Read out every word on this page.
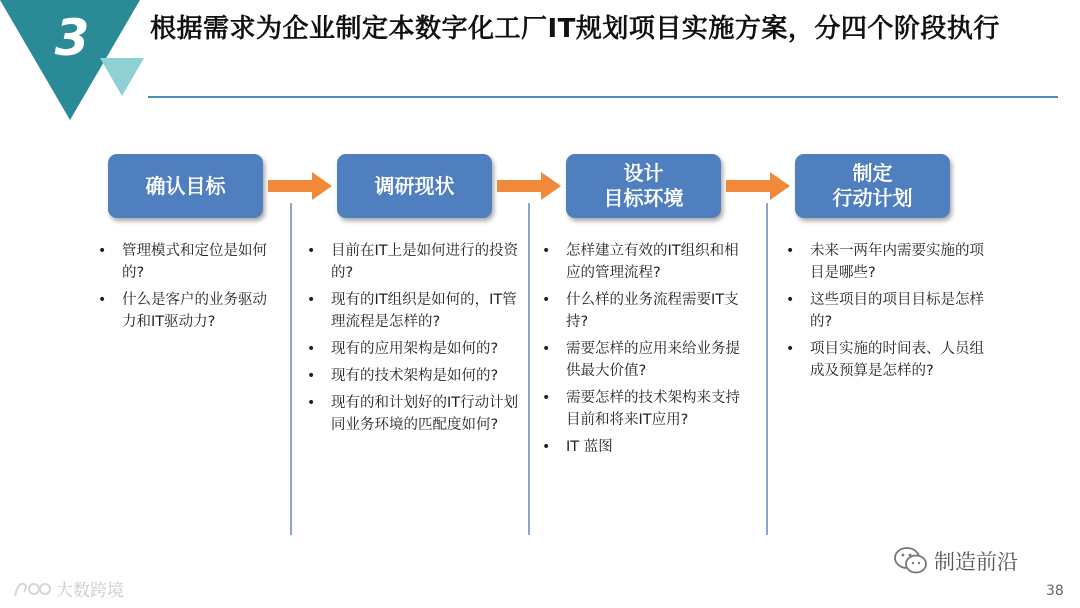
3	根据需求为企业制定本数字化工厂IT规划项目实施方案，分四个阶段执行
确认目标	调研现状
设计
目标环境
制定
行动计划
• 管理模式和定位是如何的?
• 什么是客户的业务驱动力和IT驱动力?
• 目前在IT上是如何进行的投资的?
• 现有的IT组织是如何的，IT管理流程是怎样的?
• 现有的应用架构是如何的?
• 现有的技术架构是如何的?
• 现有的和计划好的IT行动计划同业务环境的匹配度如何?
• 怎样建立有效的IT组织和相应的管理流程?
• 什么样的业务流程需要IT支持?
• 需要怎样的应用来给业务提供最大价值?
• 需要怎样的技术架构来支持目前和将来IT应用?
• IT 蓝图
• 未来一两年内需要实施的项目是哪些?
• 这些项目的项目目标是怎样的?
• 项目实施的时间表、人员组成及预算是怎样的?
制造前沿
大数跨境	38
